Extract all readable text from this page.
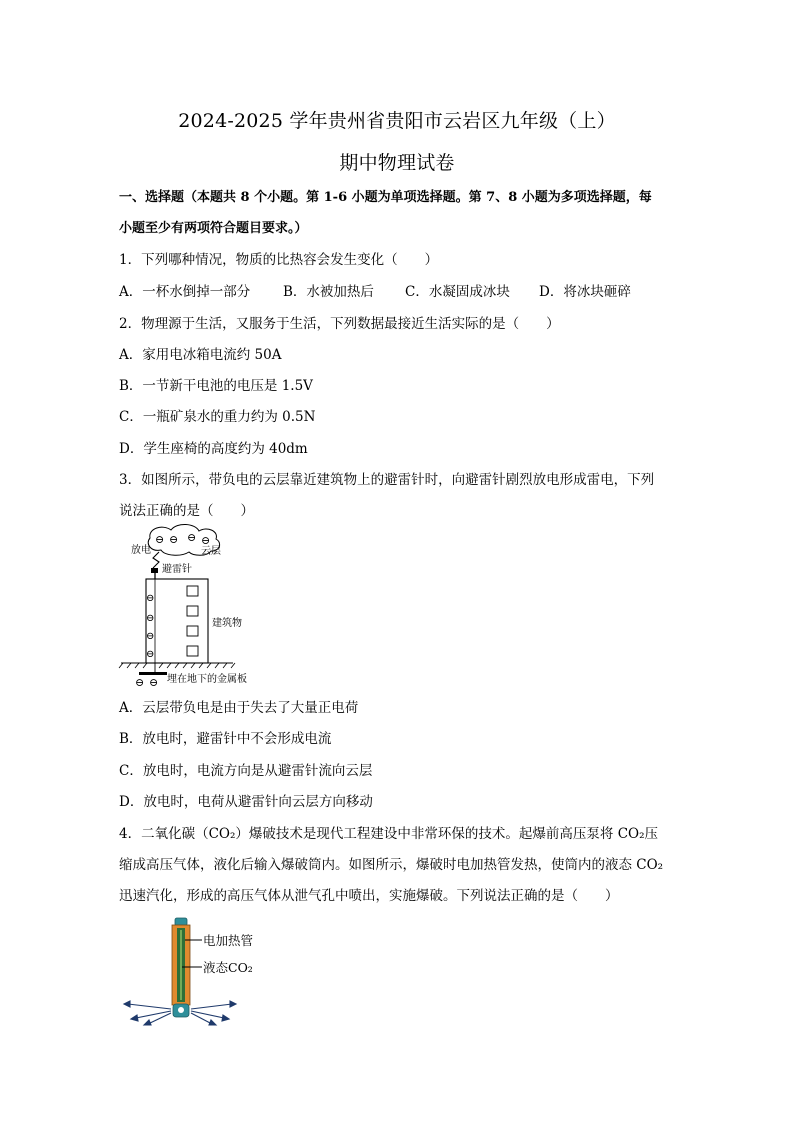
2024-2025 学年贵州省贵阳市云岩区九年级（上）
期中物理试卷
一、选择题（本题共 8 个小题。第 1-6 小题为单项选择题。第 7、8 小题为多项选择题，每
小题至少有两项符合题目要求。）
1．下列哪种情况，物质的比热容会发生变化（　　）
A．一杯水倒掉一部分 B．水被加热后 C．水凝固成冰块 D．将冰块砸碎
2．物理源于生活，又服务于生活，下列数据最接近生活实际的是（　　）
A．家用电冰箱电流约 50A
B．一节新干电池的电压是 1.5V
C．一瓶矿泉水的重力约为 0.5N
D．学生座椅的高度约为 40dm
3．如图所示，带负电的云层靠近建筑物上的避雷针时，向避雷针剧烈放电形成雷电，下列
说法正确的是（　　）
⊖ ⊖ ⊖ ⊖
放电	云层
避雷针
⊖
⊖
⊖
⊖
建筑物
⊖ ⊖ 埋在地下的金属板
A．云层带负电是由于失去了大量正电荷
B．放电时，避雷针中不会形成电流
C．放电时，电流方向是从避雷针流向云层
D．放电时，电荷从避雷针向云层方向移动
4．二氧化碳（CO₂）爆破技术是现代工程建设中非常环保的技术。起爆前高压泵将 CO₂压
缩成高压气体，液化后输入爆破筒内。如图所示，爆破时电加热管发热，使筒内的液态 CO₂
迅速汽化，形成的高压气体从泄气孔中喷出，实施爆破。下列说法正确的是（　　）
电加热管
液态CO₂
